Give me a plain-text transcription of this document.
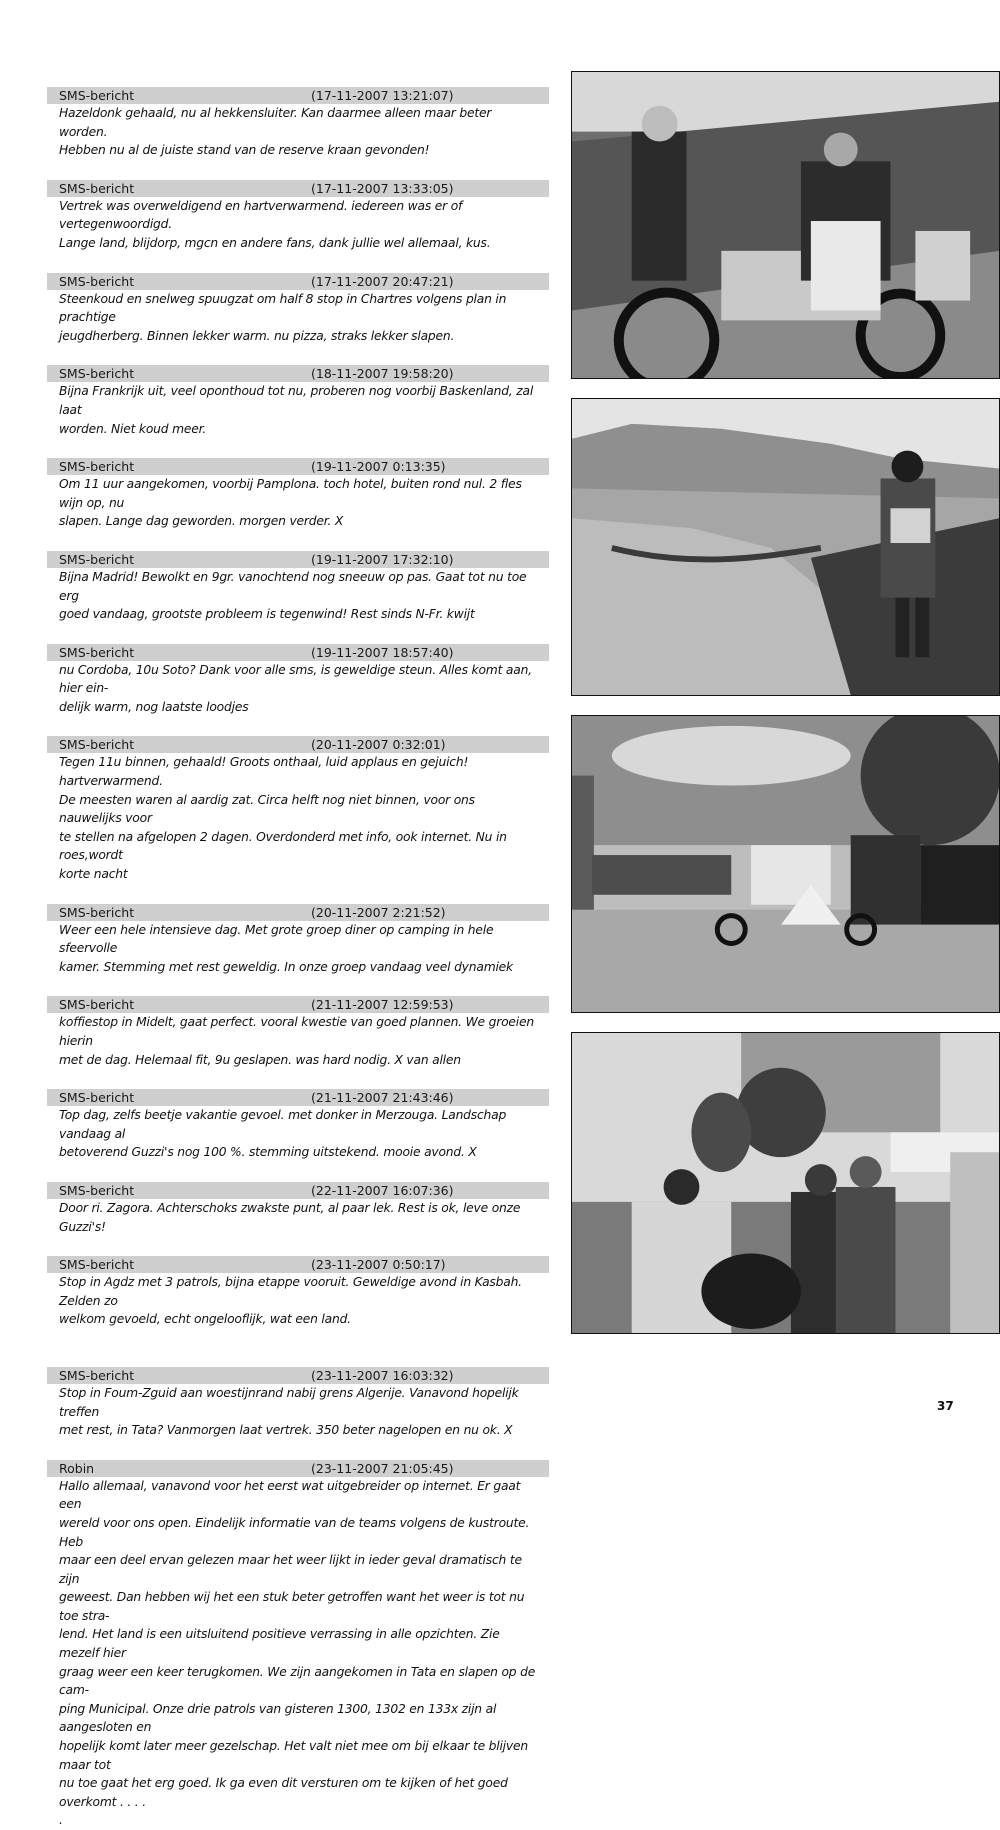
SMS-bericht	(17-11-2007 13:21:07)
Hazeldonk gehaald, nu al hekkensluiter. Kan daarmee alleen maar beter worden.
Hebben nu al de juiste stand van de reserve kraan gevonden!
SMS-bericht	(17-11-2007 13:33:05)
Vertrek was overweldigend en hartverwarmend. iedereen was er of vertegenwoordigd.
Lange land, blijdorp, mgcn en andere fans, dank jullie wel allemaal, kus.
SMS-bericht	(17-11-2007 20:47:21)
Steenkoud en snelweg spuugzat om half 8 stop in Chartres volgens plan in prachtige
jeugdherberg. Binnen lekker warm. nu pizza, straks lekker slapen.
SMS-bericht	(18-11-2007 19:58:20)
Bijna Frankrijk uit, veel oponthoud tot nu, proberen nog voorbij Baskenland, zal laat
worden. Niet koud meer.
SMS-bericht	(19-11-2007 0:13:35)
Om 11 uur aangekomen, voorbij Pamplona. toch hotel, buiten rond nul. 2 fles wijn op, nu
slapen. Lange dag geworden. morgen verder. X
SMS-bericht	(19-11-2007 17:32:10)
Bijna Madrid! Bewolkt en 9gr. vanochtend nog sneeuw op pas. Gaat tot nu toe erg
goed vandaag, grootste probleem is tegenwind! Rest sinds N-Fr. kwijt
SMS-bericht	(19-11-2007 18:57:40)
nu Cordoba, 10u Soto? Dank voor alle sms, is geweldige steun. Alles komt aan, hier ein-
delijk warm, nog laatste loodjes
SMS-bericht	(20-11-2007 0:32:01)
Tegen 11u binnen, gehaald! Groots onthaal, luid applaus en gejuich! hartverwarmend.
De meesten waren al aardig zat. Circa helft nog niet binnen, voor ons nauwelijks voor
te stellen na afgelopen 2 dagen. Overdonderd met info, ook internet. Nu in roes,wordt
korte nacht
SMS-bericht	(20-11-2007 2:21:52)
Weer een hele intensieve dag. Met grote groep diner op camping in hele sfeervolle
kamer. Stemming met rest geweldig. In onze groep vandaag veel dynamiek
SMS-bericht	(21-11-2007 12:59:53)
koffiestop in Midelt, gaat perfect. vooral kwestie van goed plannen. We groeien hierin
met de dag. Helemaal fit, 9u geslapen. was hard nodig. X van allen
SMS-bericht	(21-11-2007 21:43:46)
Top dag, zelfs beetje vakantie gevoel. met donker in Merzouga. Landschap vandaag al
betoverend Guzzi's nog 100 %. stemming uitstekend. mooie avond. X
SMS-bericht	(22-11-2007 16:07:36)
Door ri. Zagora. Achterschoks zwakste punt, al paar lek. Rest is ok, leve onze Guzzi's!
SMS-bericht	(23-11-2007 0:50:17)
Stop in Agdz met 3 patrols, bijna etappe vooruit. Geweldige avond in Kasbah. Zelden zo
welkom gevoeld, echt ongelooflijk, wat een land.
SMS-bericht	(23-11-2007 16:03:32)
Stop in Foum-Zguid aan woestijnrand nabij grens Algerije. Vanavond hopelijk treffen
met rest, in Tata? Vanmorgen laat vertrek. 350 beter nagelopen en nu ok. X
Robin	(23-11-2007 21:05:45)
Hallo allemaal, vanavond voor het eerst wat uitgebreider op internet. Er gaat een
wereld voor ons open. Eindelijk informatie van de teams volgens de kustroute. Heb
maar een deel ervan gelezen maar het weer lijkt in ieder geval dramatisch te zijn
geweest. Dan hebben wij het een stuk beter getroffen want het weer is tot nu toe stra-
lend. Het land is een uitsluitend positieve verrassing in alle opzichten. Zie mezelf hier
graag weer een keer terugkomen. We zijn aangekomen in Tata en slapen op de cam-
ping Municipal. Onze drie patrols van gisteren 1300, 1302 en 133x zijn al aangesloten en
hopelijk komt later meer gezelschap. Het valt niet mee om bij elkaar te blijven maar tot
nu toe gaat het erg goed. Ik ga even dit versturen om te kijken of het goed overkomt . . . .
.
37
